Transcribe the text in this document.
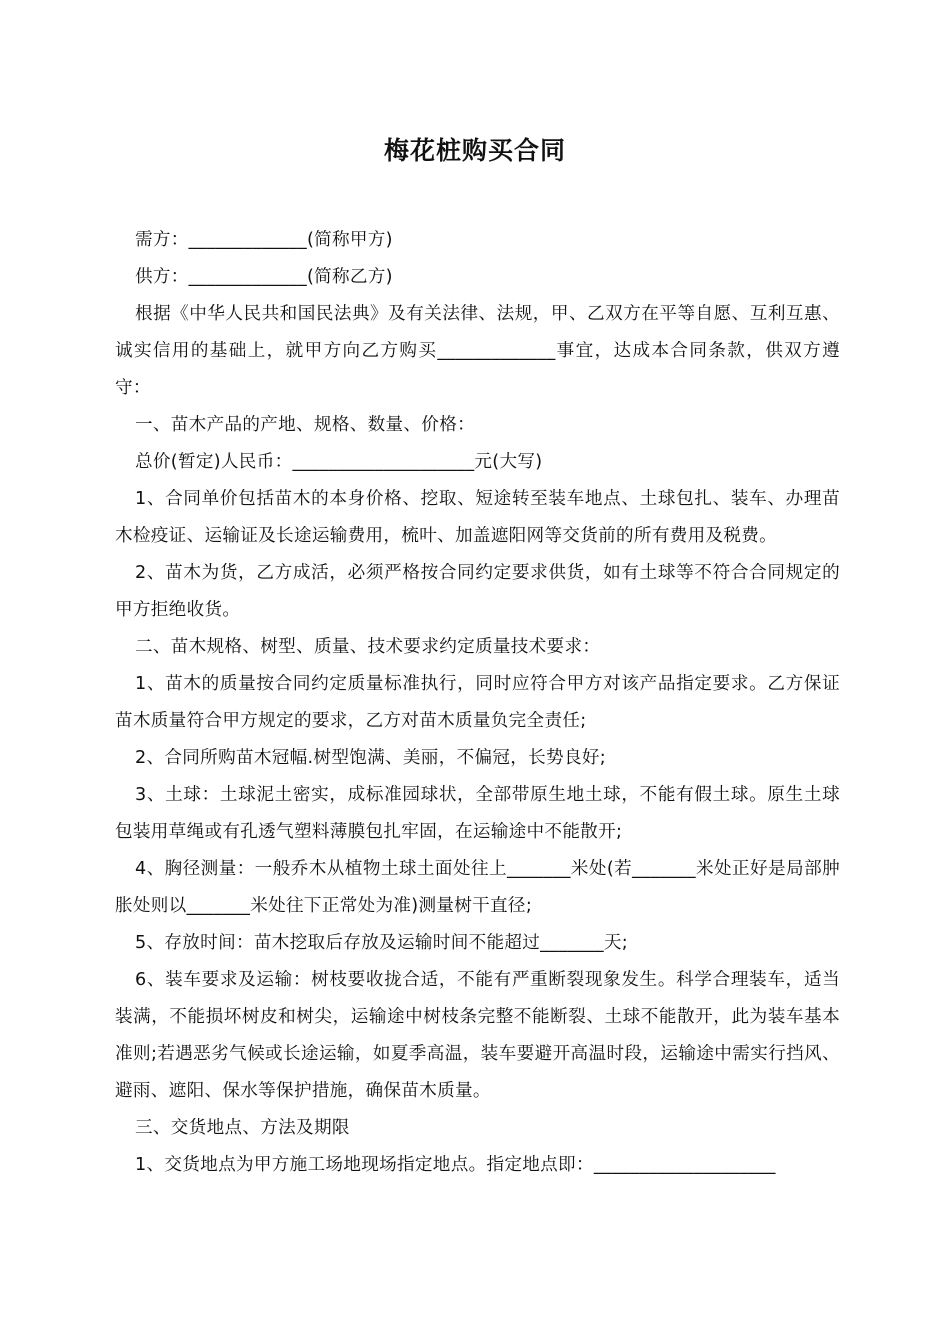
梅花桩购买合同

需方：_____________(简称甲方)

供方：_____________(简称乙方)

根据《中华人民共和国民法典》及有关法律、法规，甲、乙双方在平等自愿、互利互惠、诚实信用的基础上，就甲方向乙方购买_____________事宜，达成本合同条款，供双方遵守：

一、苗木产品的产地、规格、数量、价格：

总价(暂定)人民币：____________________元(大写)

1、合同单价包括苗木的本身价格、挖取、短途转至装车地点、土球包扎、装车、办理苗木检疫证、运输证及长途运输费用，梳叶、加盖遮阳网等交货前的所有费用及税费。

2、苗木为货，乙方成活，必须严格按合同约定要求供货，如有土球等不符合合同规定的甲方拒绝收货。

二、苗木规格、树型、质量、技术要求约定质量技术要求：

1、苗木的质量按合同约定质量标准执行，同时应符合甲方对该产品指定要求。乙方保证苗木质量符合甲方规定的要求，乙方对苗木质量负完全责任;

2、合同所购苗木冠幅.树型饱满、美丽，不偏冠，长势良好;

3、土球：土球泥土密实，成标准园球状，全部带原生地土球，不能有假土球。原生土球包装用草绳或有孔透气塑料薄膜包扎牢固，在运输途中不能散开;

4、胸径测量：一般乔木从植物土球土面处往上_______米处(若_______米处正好是局部肿胀处则以_______米处往下正常处为准)测量树干直径;

5、存放时间：苗木挖取后存放及运输时间不能超过_______天;

6、装车要求及运输：树枝要收拢合适，不能有严重断裂现象发生。科学合理装车，适当装满，不能损坏树皮和树尖，运输途中树枝条完整不能断裂、土球不能散开，此为装车基本准则;若遇恶劣气候或长途运输，如夏季高温，装车要避开高温时段，运输途中需实行挡风、避雨、遮阳、保水等保护措施，确保苗木质量。

三、交货地点、方法及期限

1、交货地点为甲方施工场地现场指定地点。指定地点即：____________________
